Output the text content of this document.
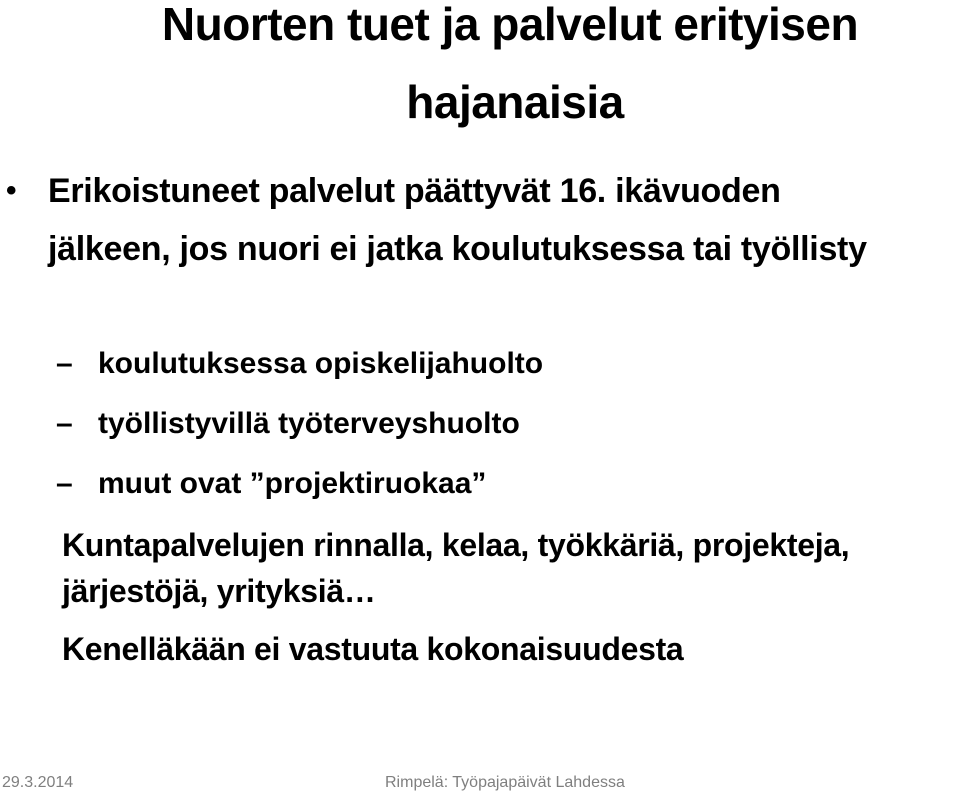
Nuorten tuet ja palvelut erityisen
hajanaisia
• Erikoistuneet palvelut päättyvät 16. ikävuoden jälkeen, jos nuori ei jatka koulutuksessa tai työllisty
– koulutuksessa opiskelijahuolto
– työllistyvillä työterveyshuolto
– muut ovat ”projektiruokaa”
Kuntapalvelujen rinnalla, kelaa, työkkäriä, projekteja, järjestöjä, yrityksiä…
Kenelläkään ei vastuuta kokonaisuudesta
29.3.2014	Rimpelä: Työpajapäivät Lahdessa
